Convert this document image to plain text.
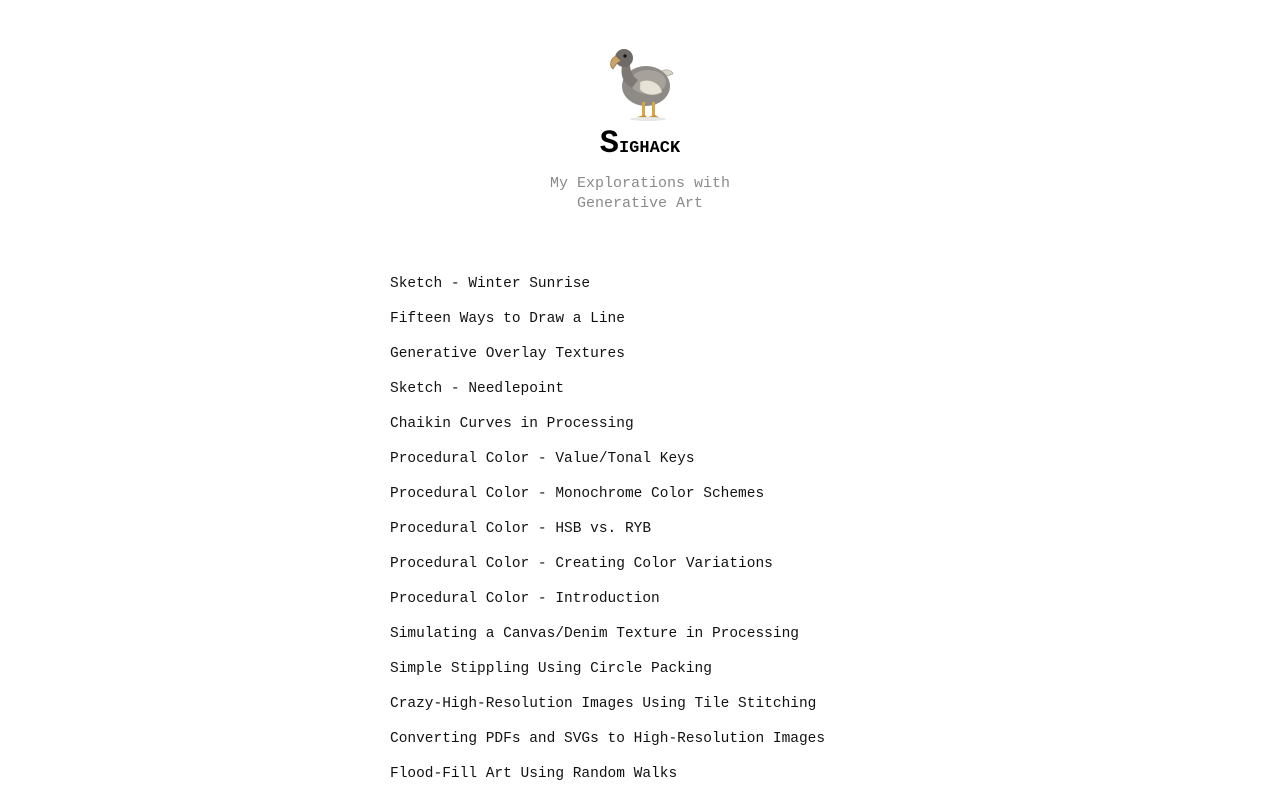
Sighack

My Explorations with Generative Art

Sketch - Winter Sunrise
Fifteen Ways to Draw a Line
Generative Overlay Textures
Sketch - Needlepoint
Chaikin Curves in Processing
Procedural Color - Value/Tonal Keys
Procedural Color - Monochrome Color Schemes
Procedural Color - HSB vs. RYB
Procedural Color - Creating Color Variations
Procedural Color - Introduction
Simulating a Canvas/Denim Texture in Processing
Simple Stippling Using Circle Packing
Crazy-High-Resolution Images Using Tile Stitching
Converting PDFs and SVGs to High-Resolution Images
Flood-Fill Art Using Random Walks
